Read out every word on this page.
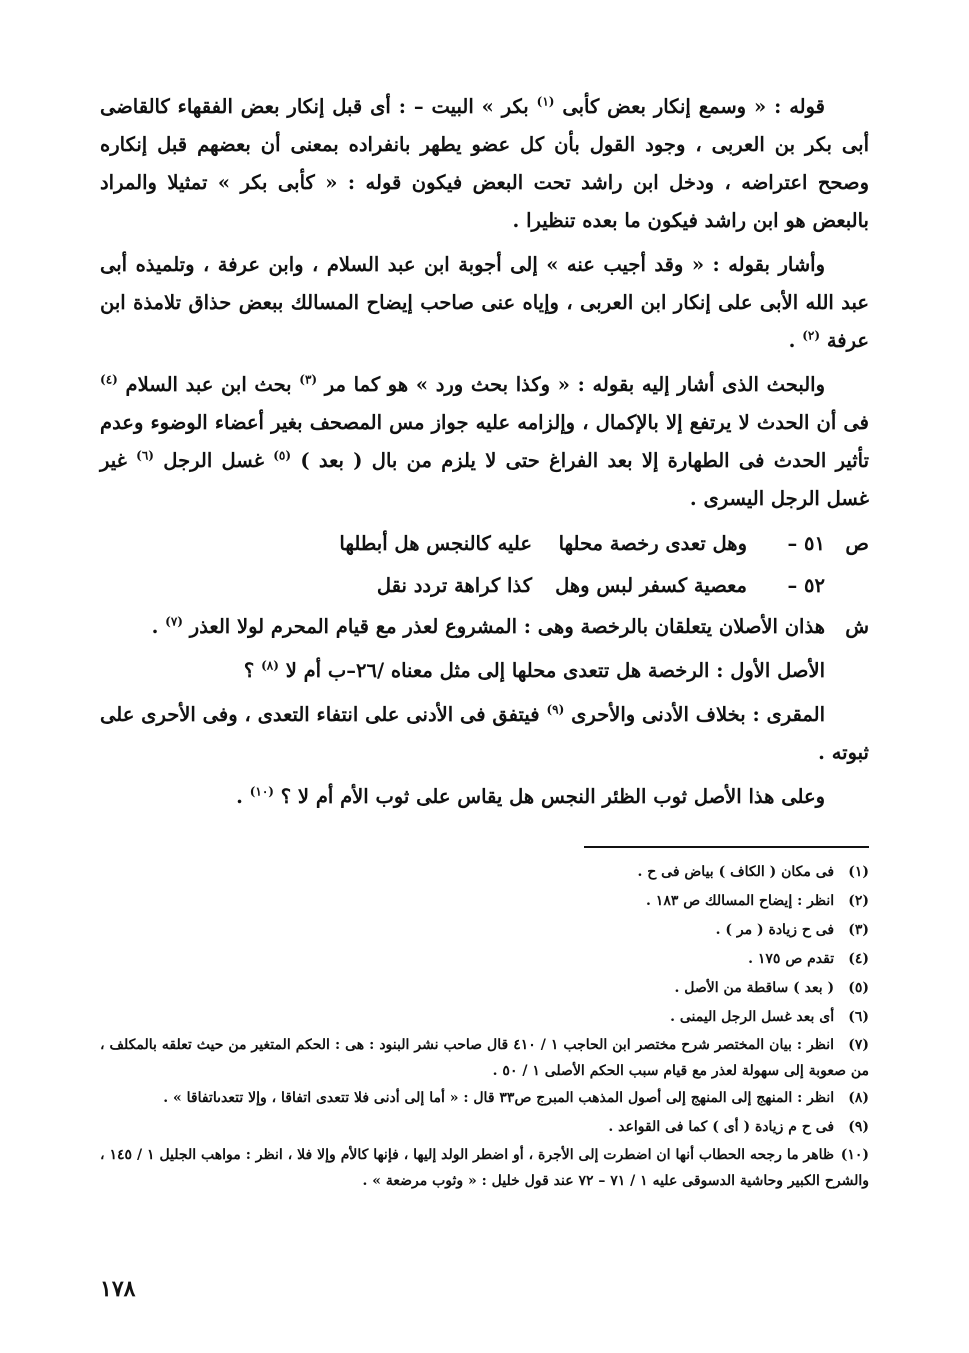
قوله : « وسمع إنكار بعض كأبى $^{(١)}$ بكر » البيت – : أى قبل إنكار بعض الفقهاء كالقاضى أبى بكر بن العربى ، وجود القول بأن كل عضو يطهر بانفراده بمعنى أن بعضهم قبل إنكاره وصحح اعتراضه ، ودخل ابن راشد تحت البعض فيكون قوله : « كأبى بكر » تمثيلا والمراد بالبعض هو ابن راشد فيكون ما بعده تنظيرا .

وأشار بقوله : « وقد أجيب عنه » إلى أجوبة ابن عبد السلام ، وابن عرفة ، وتلميذه أبى عبد الله الأبى على إنكار ابن العربى ، وإياه عنى صاحب إيضاح المسالك ببعض حذاق تلامذة ابن عرفة $^{(٢)}$ .

والبحث الذى أشار إليه بقوله : « وكذا بحث ورد » هو كما مر $^{(٣)}$ بحث ابن عبد السلام $^{(٤)}$ فى أن الحدث لا يرتفع إلا بالإكمال ، وإلزامه عليه جواز مس المصحف بغير أعضاء الوضوء وعدم تأثير الحدث فى الطهارة إلا بعد الفراغ حتى لا يلزم من بال ( بعد ) $^{(٥)}$ غسل الرجل $^{(٦)}$ غير غسل الرجل اليسرى .

ص
٥١ –
وهل تعدى رخصة محلها
عليه كالنجس هل أبطلها
٥٢ –
معصية كسفر لبس وهل
كذا كراهة تردد نقل
ش

هذان الأصلان يتعلقان بالرخصة وهى : المشروع لعذر مع قيام المحرم لولا العذر $^{(٧)}$ .

الأصل الأول : الرخصة هل تتعدى محلها إلى مثل معناه /٢٦–ب أم لا $^{(٨)}$ ؟

المقرى : بخلاف الأدنى والأحرى $^{(٩)}$ فيتفق فى الأدنى على انتفاء التعدى ، وفى الأحرى على ثبوته .

وعلى هذا الأصل ثوب الظئر النجس هل يقاس على ثوب الأم أم لا ؟ $^{(١٠)}$ .

(١) فى مكان ( الكاف ) بياض فى ح .

(٢) انظر : إيضاح المسالك ص ١٨٣ .

(٣) فى ح زيادة ( مر ) .

(٤) تقدم ص ١٧٥ .

(٥) ( بعد ) ساقطة من الأصل .

(٦) أى بعد غسل الرجل اليمنى .

(٧) انظر : بيان المختصر شرح مختصر ابن الحاجب ١ / ٤١٠ قال صاحب نشر البنود : هى : الحكم المتغير من حيث تعلقه بالمكلف ، من صعوبة إلى سهولة لعذر مع قيام سبب الحكم الأصلى ١ / ٥٠ .

(٨) انظر : المنهج إلى المنهج إلى أصول المذهب المبرج ص٣٣ قال : « أما إلى أدنى فلا تتعدى اتفاقا ، وإلا تتعدىاتفاقا » .

(٩) فى ح م زيادة ( أى ) كما فى القواعد .

(١٠) ظاهر ما رجحه الحطاب أنها ان اضطرت إلى الأجرة ، أو اضطر الولد إليها ، فإنها كالأم وإلا فلا ، انظر : مواهب الجليل ١ / ١٤٥ ، والشرح الكبير وحاشية الدسوقى عليه ١ / ٧١ – ٧٢ عند قول خليل : « وثوب مرضعة » .

١٧٨
